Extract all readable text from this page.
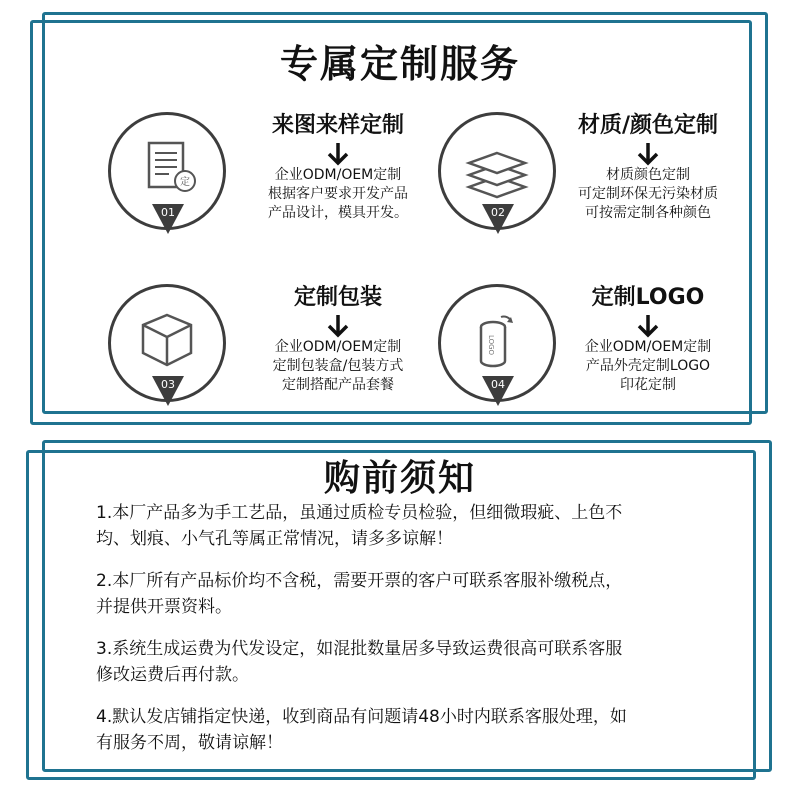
专属定制服务
定
01
来图来样定制
企业ODM/OEM定制
根据客户要求开发产品
产品设计，模具开发。	02
材质/颜色定制
材质颜色定制
可定制环保无污染材质
可按需定制各种颜色
03
定制包装
企业ODM/OEM定制
定制包装盒/包装方式
定制搭配产品套餐
LOGO
04
定制LOGO
企业ODM/OEM定制
产品外壳定制LOGO
印花定制
购前须知
1.本厂产品多为手工艺品，虽通过质检专员检验，但细微瑕疵、上色不
均、划痕、小气孔等属正常情况，请多多谅解！
2.本厂所有产品标价均不含税，需要开票的客户可联系客服补缴税点，
并提供开票资料。
3.系统生成运费为代发设定，如混批数量居多导致运费很高可联系客服
修改运费后再付款。
4.默认发店铺指定快递，收到商品有问题请48小时内联系客服处理，如
有服务不周，敬请谅解！
